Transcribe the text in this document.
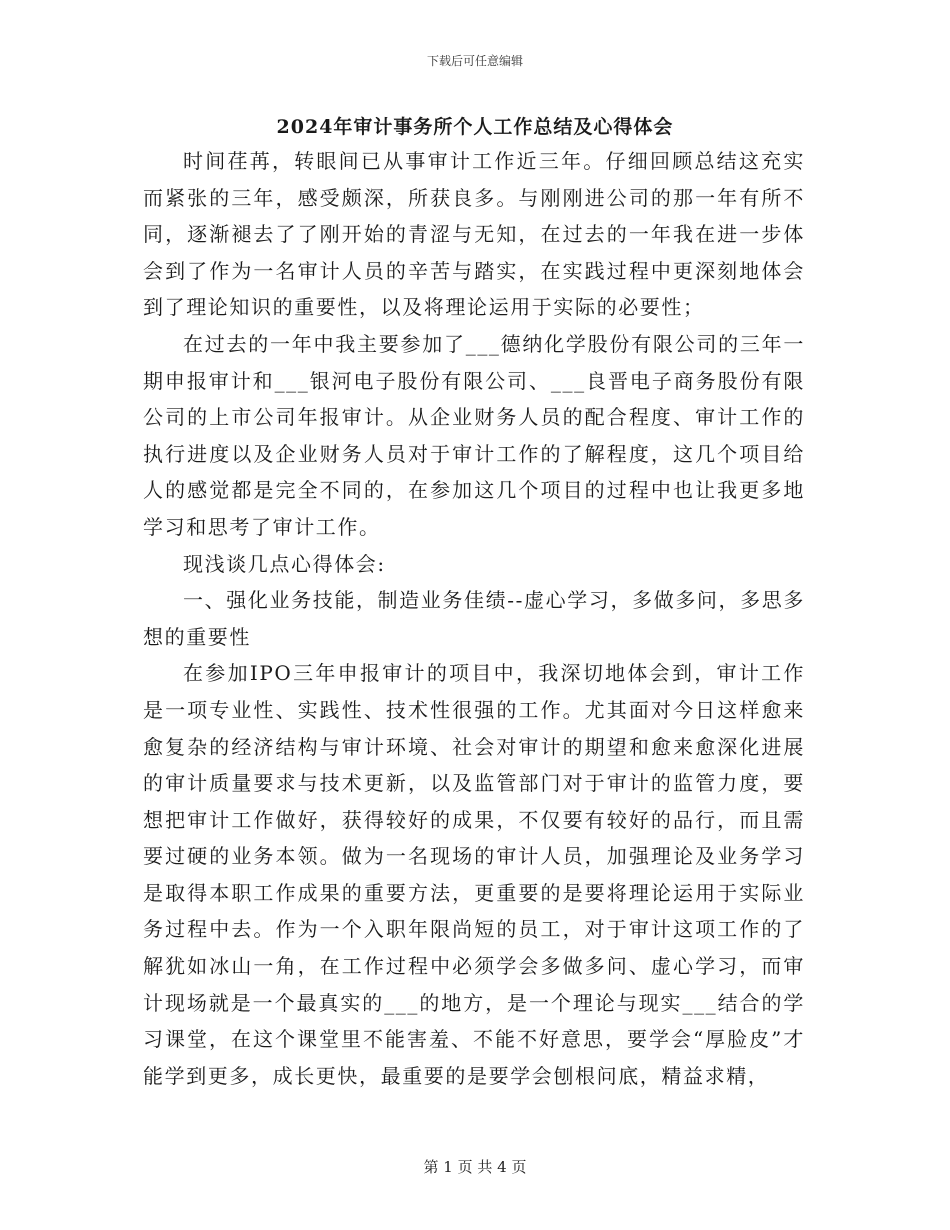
下载后可任意编辑
2024年审计事务所个人工作总结及心得体会

时间荏苒，转眼间已从事审计工作近三年。仔细回顾总结这充实而紧张的三年，感受颇深，所获良多。与刚刚进公司的那一年有所不同，逐渐褪去了了刚开始的青涩与无知，在过去的一年我在进一步体会到了作为一名审计人员的辛苦与踏实，在实践过程中更深刻地体会到了理论知识的重要性，以及将理论运用于实际的必要性；

在过去的一年中我主要参加了___德纳化学股份有限公司的三年一期申报审计和___银河电子股份有限公司、___良晋电子商务股份有限公司的上市公司年报审计。从企业财务人员的配合程度、审计工作的执行进度以及企业财务人员对于审计工作的了解程度，这几个项目给人的感觉都是完全不同的，在参加这几个项目的过程中也让我更多地学习和思考了审计工作。

现浅谈几点心得体会:

一、强化业务技能，制造业务佳绩--虚心学习，多做多问，多思多想的重要性

在参加IPO三年申报审计的项目中，我深切地体会到，审计工作是一项专业性、实践性、技术性很强的工作。尤其面对今日这样愈来愈复杂的经济结构与审计环境、社会对审计的期望和愈来愈深化进展的审计质量要求与技术更新，以及监管部门对于审计的监管力度，要想把审计工作做好，获得较好的成果，不仅要有较好的品行，而且需要过硬的业务本领。做为一名现场的审计人员，加强理论及业务学习是取得本职工作成果的重要方法，更重要的是要将理论运用于实际业务过程中去。作为一个入职年限尚短的员工，对于审计这项工作的了解犹如冰山一角，在工作过程中必须学会多做多问、虚心学习，而审计现场就是一个最真实的___的地方，是一个理论与现实___结合的学习课堂，在这个课堂里不能害羞、不能不好意思，要学会“厚脸皮”才能学到更多，成长更快，最重要的是要学会刨根问底，精益求精，

第 1 页 共 4 页
